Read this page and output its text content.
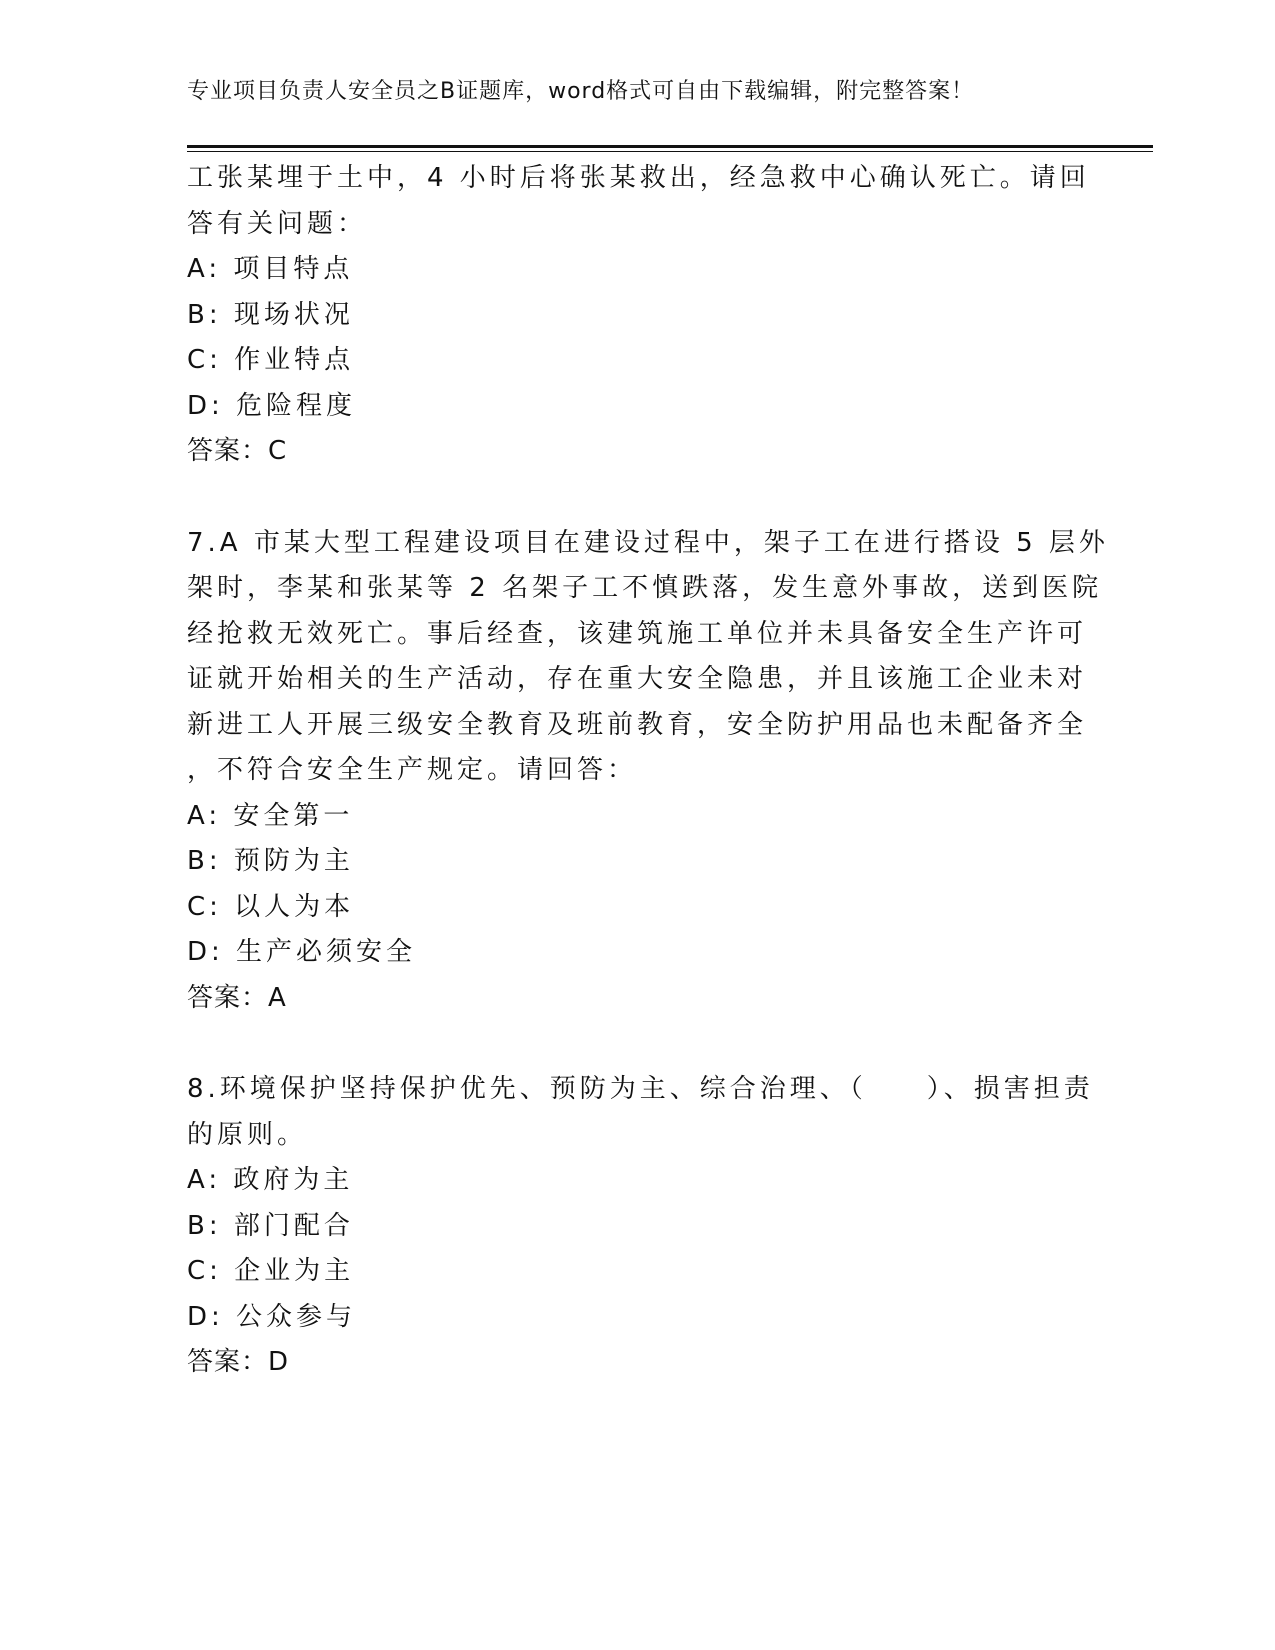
专业项目负责人安全员之B证题库，word格式可自由下载编辑，附完整答案！
工张某埋于土中，4 小时后将张某救出，经急救中心确认死亡。请回
答有关问题：
A: 项目特点
B: 现场状况
C: 作业特点
D: 危险程度
答案：C
7.A 市某大型工程建设项目在建设过程中，架子工在进行搭设 5 层外
架时，李某和张某等 2 名架子工不慎跌落，发生意外事故，送到医院
经抢救无效死亡。事后经查，该建筑施工单位并未具备安全生产许可
证就开始相关的生产活动，存在重大安全隐患，并且该施工企业未对
新进工人开展三级安全教育及班前教育，安全防护用品也未配备齐全
，不符合安全生产规定。请回答：
A: 安全第一
B: 预防为主
C: 以人为本
D: 生产必须安全
答案：A
8.环境保护坚持保护优先、预防为主、综合治理、（　　）、损害担责
的原则。
A: 政府为主
B: 部门配合
C: 企业为主
D: 公众参与
答案：D
